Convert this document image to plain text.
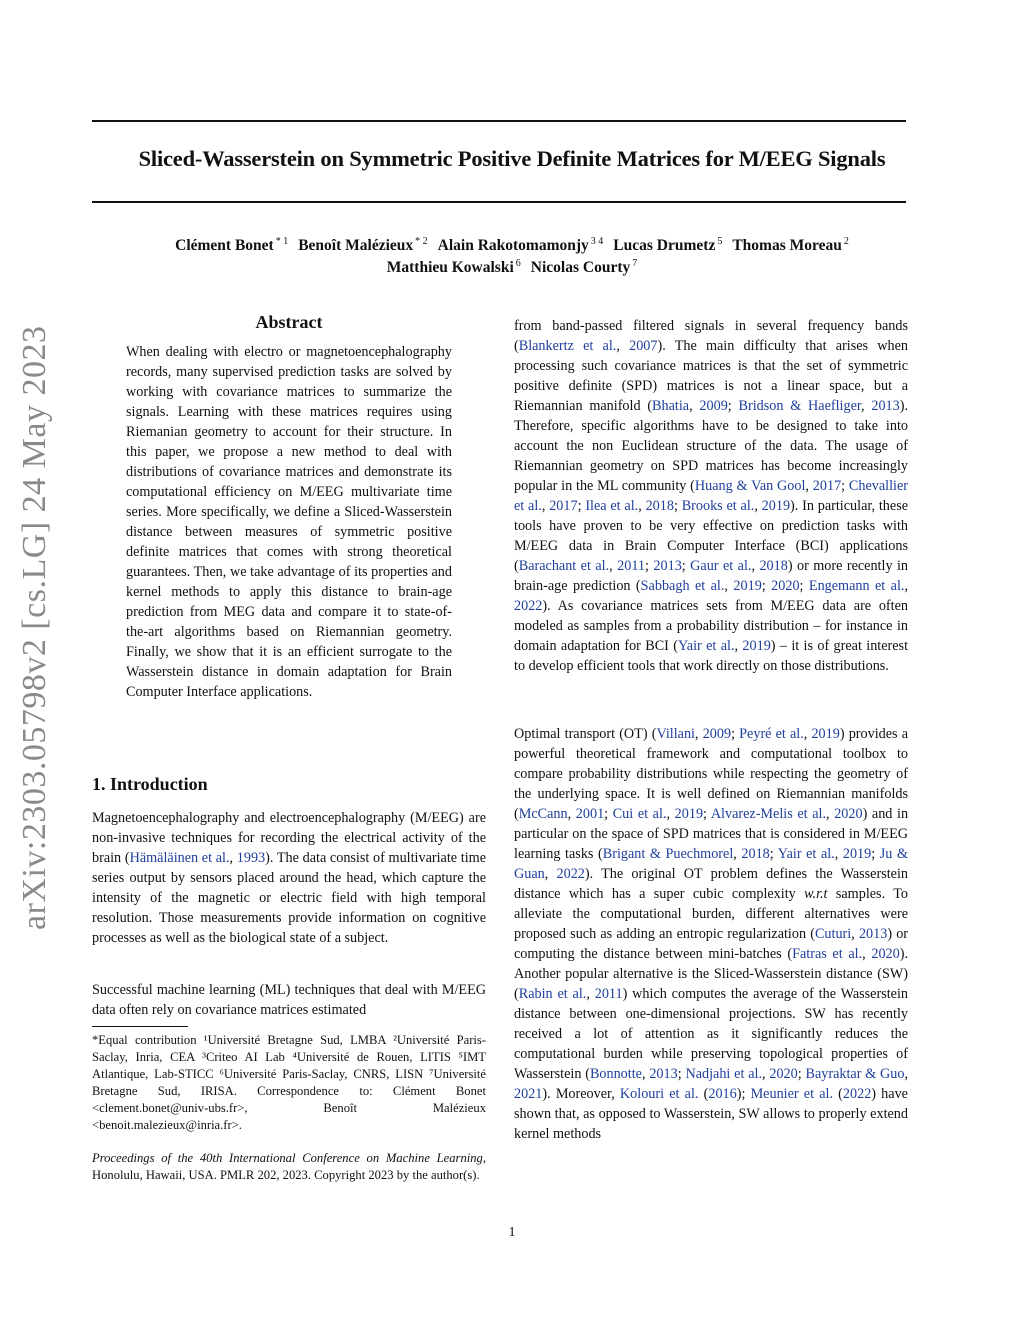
arXiv:2303.05798v2 [cs.LG] 24 May 2023
Sliced-Wasserstein on Symmetric Positive Definite Matrices for M/EEG Signals
Clément Bonet $^{* 1}$ Benoît Malézieux $^{* 2}$ Alain Rakotomamonjy $^{3 4}$ Lucas Drumetz $^5$ Thomas Moreau $^2$
Matthieu Kowalski $^6$ Nicolas Courty $^7$
Abstract

When dealing with electro or magnetoencephalography records, many supervised prediction tasks are solved by working with covariance matrices to summarize the signals. Learning with these matrices requires using Riemanian geometry to account for their structure. In this paper, we propose a new method to deal with distributions of covariance matrices and demonstrate its computational efficiency on M/EEG multivariate time series. More specifically, we define a Sliced-Wasserstein distance between measures of symmetric positive definite matrices that comes with strong theoretical guarantees. Then, we take advantage of its properties and kernel methods to apply this distance to brain-age prediction from MEG data and compare it to state-of-the-art algorithms based on Riemannian geometry. Finally, we show that it is an efficient surrogate to the Wasserstein distance in domain adaptation for Brain Computer Interface applications.

1. Introduction

Magnetoencephalography and electroencephalography (M/EEG) are non-invasive techniques for recording the electrical activity of the brain (Hämäläinen et al., 1993). The data consist of multivariate time series output by sensors placed around the head, which capture the intensity of the magnetic or electric field with high temporal resolution. Those measurements provide information on cognitive processes as well as the biological state of a subject.

Successful machine learning (ML) techniques that deal with M/EEG data often rely on covariance matrices estimated

*Equal contribution ¹Université Bretagne Sud, LMBA ²Université Paris-Saclay, Inria, CEA ³Criteo AI Lab ⁴Université de Rouen, LITIS ⁵IMT Atlantique, Lab-STICC ⁶Université Paris-Saclay, CNRS, LISN ⁷Université Bretagne Sud, IRISA. Correspondence to: Clément Bonet <clement.bonet@univ-ubs.fr>, Benoît Malézieux <benoit.malezieux@inria.fr>.

Proceedings of the 40th International Conference on Machine Learning, Honolulu, Hawaii, USA. PMLR 202, 2023. Copyright 2023 by the author(s).

from band-passed filtered signals in several frequency bands (Blankertz et al., 2007). The main difficulty that arises when processing such covariance matrices is that the set of symmetric positive definite (SPD) matrices is not a linear space, but a Riemannian manifold (Bhatia, 2009; Bridson & Haefliger, 2013). Therefore, specific algorithms have to be designed to take into account the non Euclidean structure of the data. The usage of Riemannian geometry on SPD matrices has become increasingly popular in the ML community (Huang & Van Gool, 2017; Chevallier et al., 2017; Ilea et al., 2018; Brooks et al., 2019). In particular, these tools have proven to be very effective on prediction tasks with M/EEG data in Brain Computer Interface (BCI) applications (Barachant et al., 2011; 2013; Gaur et al., 2018) or more recently in brain-age prediction (Sabbagh et al., 2019; 2020; Engemann et al., 2022). As covariance matrices sets from M/EEG data are often modeled as samples from a probability distribution – for instance in domain adaptation for BCI (Yair et al., 2019) – it is of great interest to develop efficient tools that work directly on those distributions.

Optimal transport (OT) (Villani, 2009; Peyré et al., 2019) provides a powerful theoretical framework and computational toolbox to compare probability distributions while respecting the geometry of the underlying space. It is well defined on Riemannian manifolds (McCann, 2001; Cui et al., 2019; Alvarez-Melis et al., 2020) and in particular on the space of SPD matrices that is considered in M/EEG learning tasks (Brigant & Puechmorel, 2018; Yair et al., 2019; Ju & Guan, 2022). The original OT problem defines the Wasserstein distance which has a super cubic complexity w.r.t samples. To alleviate the computational burden, different alternatives were proposed such as adding an entropic regularization (Cuturi, 2013) or computing the distance between mini-batches (Fatras et al., 2020). Another popular alternative is the Sliced-Wasserstein distance (SW) (Rabin et al., 2011) which computes the average of the Wasserstein distance between one-dimensional projections. SW has recently received a lot of attention as it significantly reduces the computational burden while preserving topological properties of Wasserstein (Bonnotte, 2013; Nadjahi et al., 2020; Bayraktar & Guo, 2021). Moreover, Kolouri et al. (2016); Meunier et al. (2022) have shown that, as opposed to Wasserstein, SW allows to properly extend kernel methods

1
